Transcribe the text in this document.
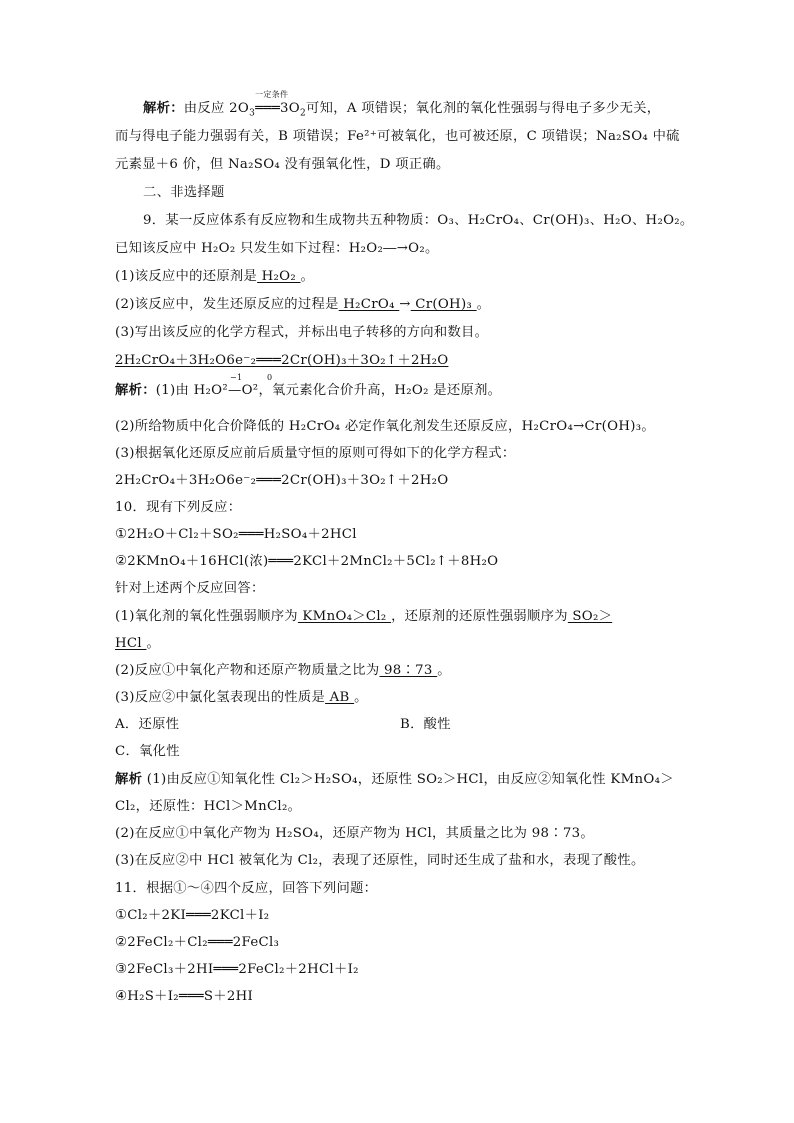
解析：由反应 $2O_3$
一定条件
$═══3O_2$可知，A 项错误；氧化剂的氧化性强弱与得电子多少无关，
而与得电子能力强弱有关，B 项错误；Fe²⁺可被氧化，也可被还原，C 项错误；Na₂SO₄ 中硫
元素显＋6 价，但 Na₂SO₄ 没有强氧化性，D 项正确。
二、非选择题
9．某一反应体系有反应物和生成物共五种物质：O₃、H₂CrO₄、Cr(OH)₃、H₂O、H₂O₂。
已知该反应中 H₂O₂ 只发生如下过程：H₂O₂―→O₂。
(1)该反应中的还原剂是 H₂O₂ 。
(2)该反应中，发生还原反应的过程是 H₂CrO₄ → Cr(OH)₃ 。
(3)写出该反应的化学方程式，并标出电子转移的方向和数目。
2H₂CrO₄＋3H₂O6e⁻₂═══2Cr(OH)₃＋3O₂↑＋2H₂O
−1	0
解析：(1)由 H₂O²—O²，氧元素化合价升高，H₂O₂ 是还原剂。
(2)所给物质中化合价降低的 H₂CrO₄ 必定作氧化剂发生还原反应，H₂CrO₄→Cr(OH)₃。
(3)根据氧化还原反应前后质量守恒的原则可得如下的化学方程式：
2H₂CrO₄＋3H₂O6e⁻₂═══2Cr(OH)₃＋3O₂↑＋2H₂O
10．现有下列反应：
①2H₂O＋Cl₂＋SO₂═══H₂SO₄＋2HCl
②2KMnO₄＋16HCl(浓)═══2KCl＋2MnCl₂＋5Cl₂↑＋8H₂O
针对上述两个反应回答：
(1)氧化剂的氧化性强弱顺序为 KMnO₄＞Cl₂ ，还原剂的还原性强弱顺序为 SO₂＞
HCl 。
(2)反应①中氧化产物和还原产物质量之比为 98∶73 。
(3)反应②中氯化氢表现出的性质是 AB 。
A．还原性	B．酸性
C．氧化性
解析 (1)由反应①知氧化性 Cl₂＞H₂SO₄，还原性 SO₂＞HCl，由反应②知氧化性 KMnO₄＞
Cl₂，还原性：HCl＞MnCl₂。
(2)在反应①中氧化产物为 H₂SO₄，还原产物为 HCl，其质量之比为 98∶73。
(3)在反应②中 HCl 被氧化为 Cl₂，表现了还原性，同时还生成了盐和水，表现了酸性。
11．根据①～④四个反应，回答下列问题：
①Cl₂＋2KI═══2KCl＋I₂
②2FeCl₂＋Cl₂═══2FeCl₃
③2FeCl₃＋2HI═══2FeCl₂＋2HCl＋I₂
④H₂S＋I₂═══S＋2HI
